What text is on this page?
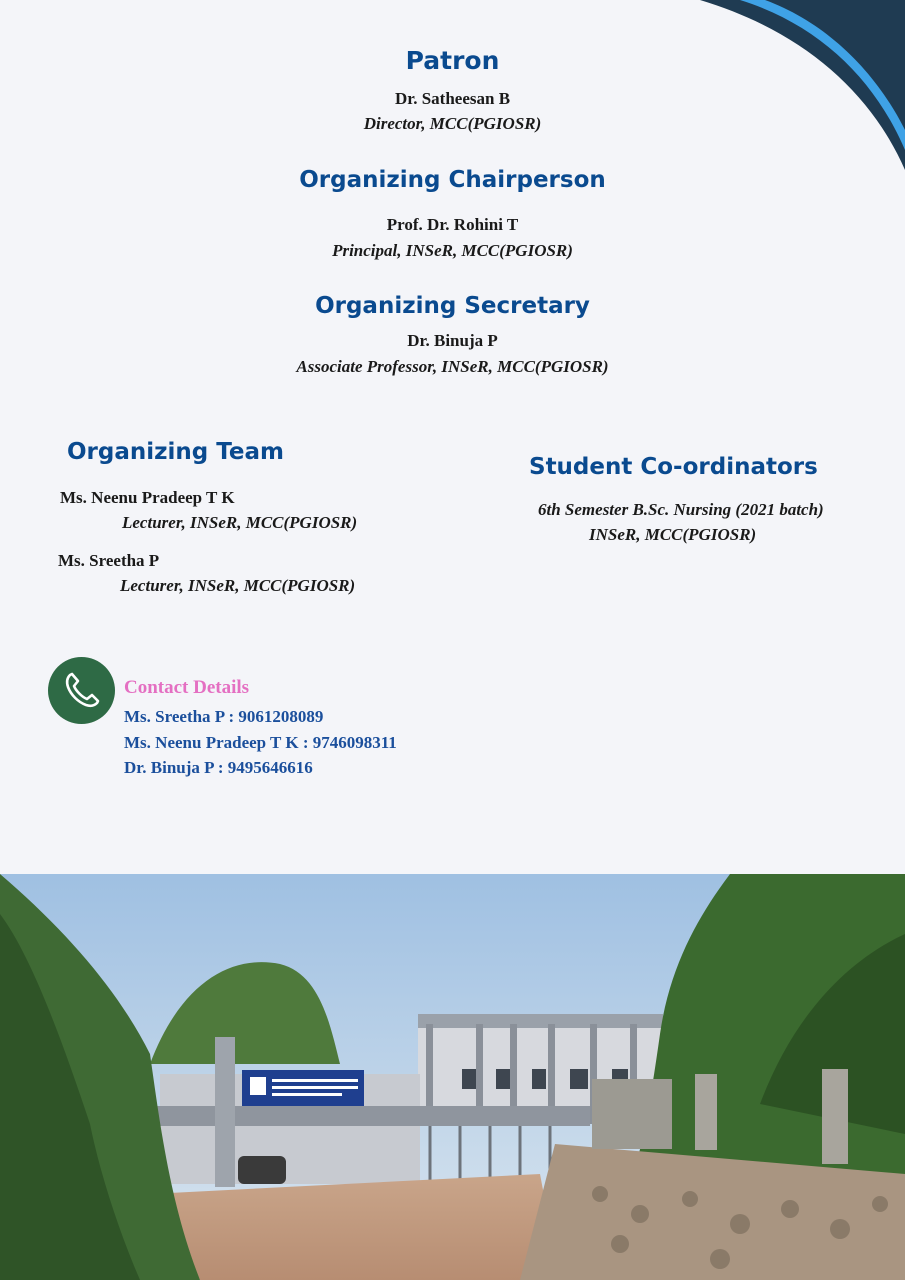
Patron

Dr. Satheesan B

Director, MCC(PGIOSR)

Organizing Chairperson

Prof. Dr. Rohini T

Principal, INSeR, MCC(PGIOSR)

Organizing Secretary

Dr. Binuja P

Associate Professor, INSeR, MCC(PGIOSR)

Organizing Team

Ms. Neenu Pradeep T K

Lecturer, INSeR, MCC(PGIOSR)

Ms. Sreetha P

Lecturer, INSeR, MCC(PGIOSR)

Student Co-ordinators

6th Semester B.Sc. Nursing (2021 batch)

INSeR, MCC(PGIOSR)

Contact Details

Ms. Sreetha P : 9061208089

Ms. Neenu Pradeep T K : 9746098311

Dr. Binuja P : 9495646616
